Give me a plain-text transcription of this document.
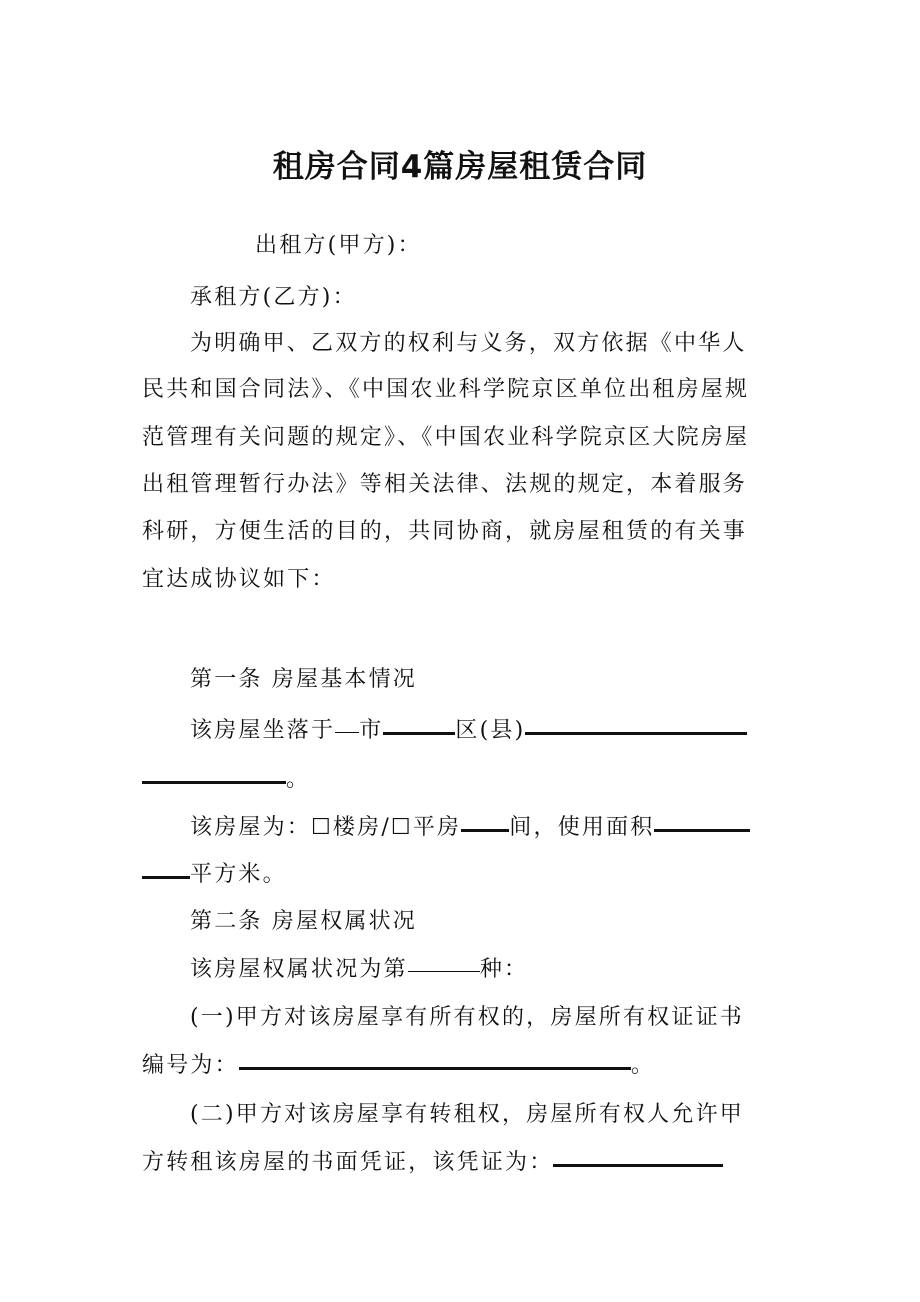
租房合同4篇房屋租赁合同
出租方(甲方)：
承租方(乙方)：
为明确甲、乙双方的权利与义务，双方依据《中华人
民共和国合同法》、《中国农业科学院京区单位出租房屋规
范管理有关问题的规定》、《中国农业科学院京区大院房屋
出租管理暂行办法》等相关法律、法规的规定，本着服务
科研，方便生活的目的，共同协商，就房屋租赁的有关事
宜达成协议如下：
第一条 房屋基本情况
该房屋坐落于 市	区(县)
。
该房屋为：☐楼房/☐平房 间，使用面积
平方米。
第二条 房屋权属状况
该房屋权属状况为第	种：
(一)甲方对该房屋享有所有权的，房屋所有权证证书
编号为：	。
(二)甲方对该房屋享有转租权，房屋所有权人允许甲
方转租该房屋的书面凭证，该凭证为：
